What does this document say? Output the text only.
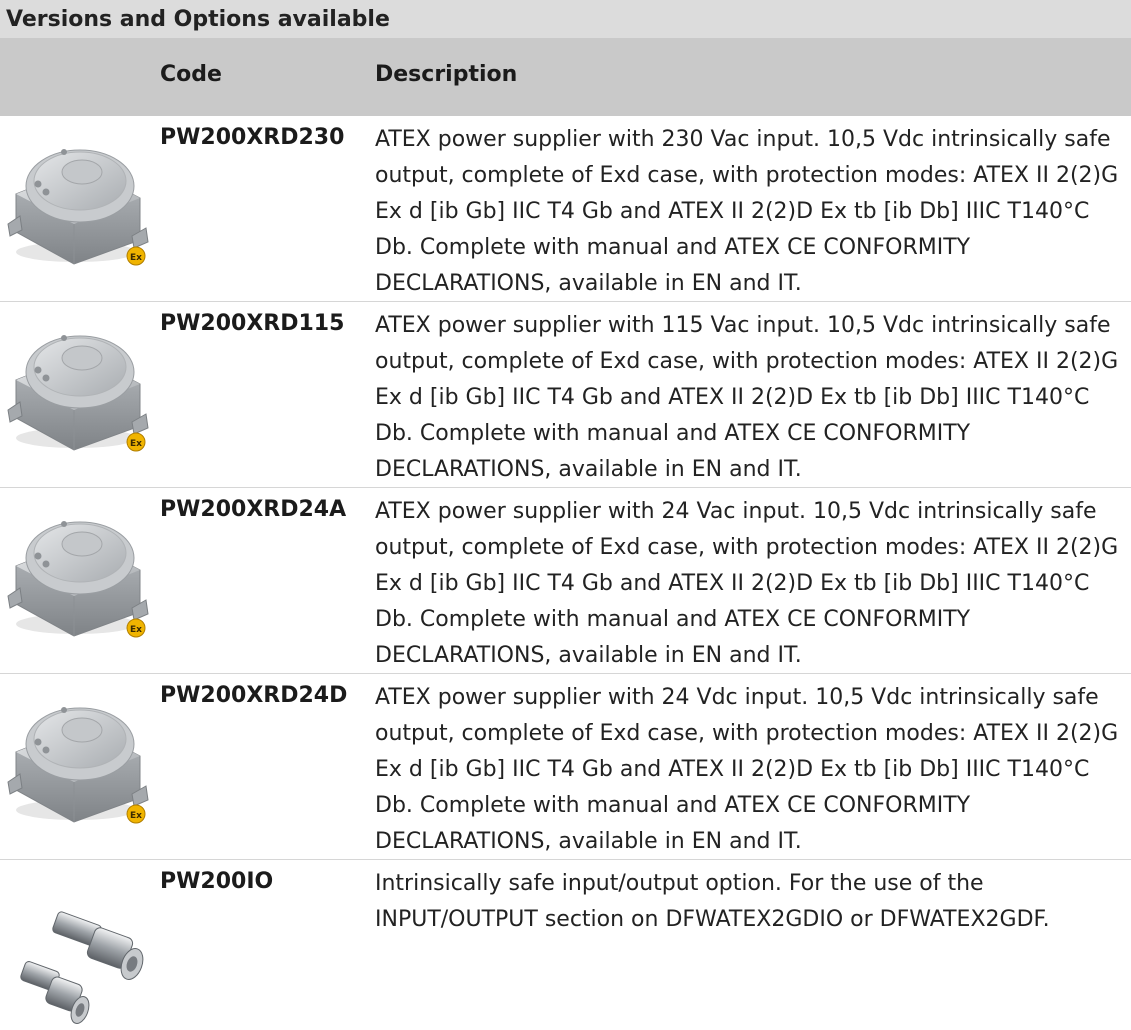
Versions and Options available
Code	Description
PW200XRD230 ATEX power supplier with 230 Vac input. 10,5 Vdc intrinsically safe output, complete of Exd case, with protection modes: ATEX II 2(2)G Ex d [ib Gb] IIC T4 Gb and ATEX II 2(2)D Ex tb [ib Db] IIIC T140°C Db. Complete with manual and ATEX CE CONFORMITY DECLARATIONS, available in EN and IT.
PW200XRD115 ATEX power supplier with 115 Vac input. 10,5 Vdc intrinsically safe output, complete of Exd case, with protection modes: ATEX II 2(2)G Ex d [ib Gb] IIC T4 Gb and ATEX II 2(2)D Ex tb [ib Db] IIIC T140°C Db. Complete with manual and ATEX CE CONFORMITY DECLARATIONS, available in EN and IT.
PW200XRD24A ATEX power supplier with 24 Vac input. 10,5 Vdc intrinsically safe output, complete of Exd case, with protection modes: ATEX II 2(2)G Ex d [ib Gb] IIC T4 Gb and ATEX II 2(2)D Ex tb [ib Db] IIIC T140°C Db. Complete with manual and ATEX CE CONFORMITY DECLARATIONS, available in EN and IT.
PW200XRD24D ATEX power supplier with 24 Vdc input. 10,5 Vdc intrinsically safe output, complete of Exd case, with protection modes: ATEX II 2(2)G Ex d [ib Gb] IIC T4 Gb and ATEX II 2(2)D Ex tb [ib Db] IIIC T140°C Db. Complete with manual and ATEX CE CONFORMITY DECLARATIONS, available in EN and IT.
PW200IO	Intrinsically safe input/output option. For the use of the INPUT/OUTPUT section on DFWATEX2GDIO or DFWATEX2GDF.
